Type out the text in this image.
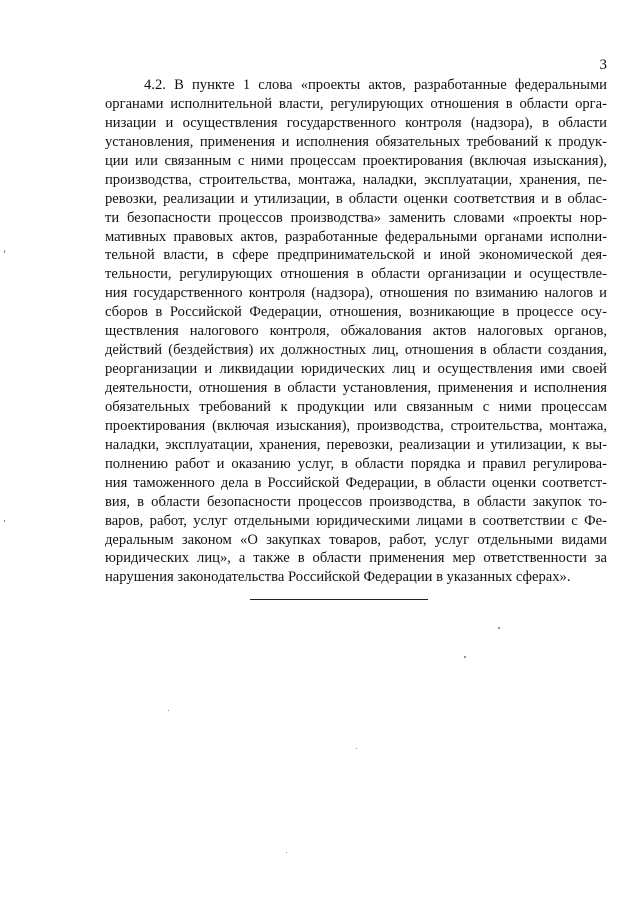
3
4.2. В пункте 1 слова «проекты актов, разработанные федеральными
органами исполнительной власти, регулирующих отношения в области орга-
низации и осуществления государственного контроля (надзора), в области
установления, применения и исполнения обязательных требований к продук-
ции или связанным с ними процессам проектирования (включая изыскания),
производства, строительства, монтажа, наладки, эксплуатации, хранения, пе-
ревозки, реализации и утилизации, в области оценки соответствия и в облас-
ти безопасности процессов производства» заменить словами «проекты нор-
мативных правовых актов, разработанные федеральными органами исполни-
тельной власти, в сфере предпринимательской и иной экономической дея-
тельности, регулирующих отношения в области организации и осуществле-
ния государственного контроля (надзора), отношения по взиманию налогов и
сборов в Российской Федерации, отношения, возникающие в процессе осу-
ществления налогового контроля, обжалования актов налоговых органов,
действий (бездействия) их должностных лиц, отношения в области создания,
реорганизации и ликвидации юридических лиц и осуществления ими своей
деятельности, отношения в области установления, применения и исполнения
обязательных требований к продукции или связанным с ними процессам
проектирования (включая изыскания), производства, строительства, монтажа,
наладки, эксплуатации, хранения, перевозки, реализации и утилизации, к вы-
полнению работ и оказанию услуг, в области порядка и правил регулирова-
ния таможенного дела в Российской Федерации, в области оценки соответст-
вия, в области безопасности процессов производства, в области закупок то-
варов, работ, услуг отдельными юридическими лицами в соответствии с Фе-
деральным законом «О закупках товаров, работ, услуг отдельными видами
юридических лиц», а также в области применения мер ответственности за
нарушения законодательства Российской Федерации в указанных сферах».
